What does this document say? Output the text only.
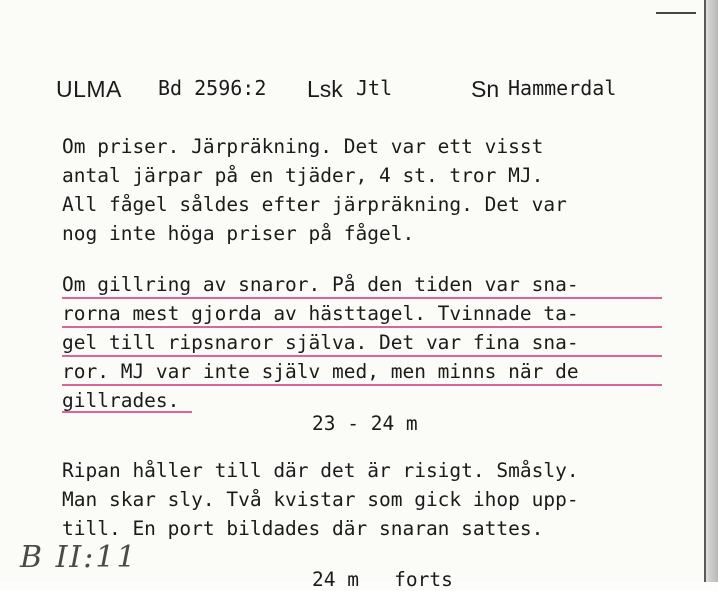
ULMA Bd 2596:2 Lsk Jtl	Sn Hammerdal

Om priser. Järpräkning. Det var ett visst
antal järpar på en tjäder, 4 st. tror MJ.
All fågel såldes efter järpräkning. Det var
nog inte höga priser på fågel.

Om gillring av snaror. På den tiden var sna-
rorna mest gjorda av hästtagel. Tvinnade ta-
gel till ripsnaror själva. Det var fina sna-
ror. MJ var inte själv med, men minns när de
gillrades.

23 - 24 m

Ripan håller till där det är risigt. Småsly.
Man skar sly. Två kvistar som gick ihop upp-
till. En port bildades där snaran sattes.

B II:11
24 m   forts
